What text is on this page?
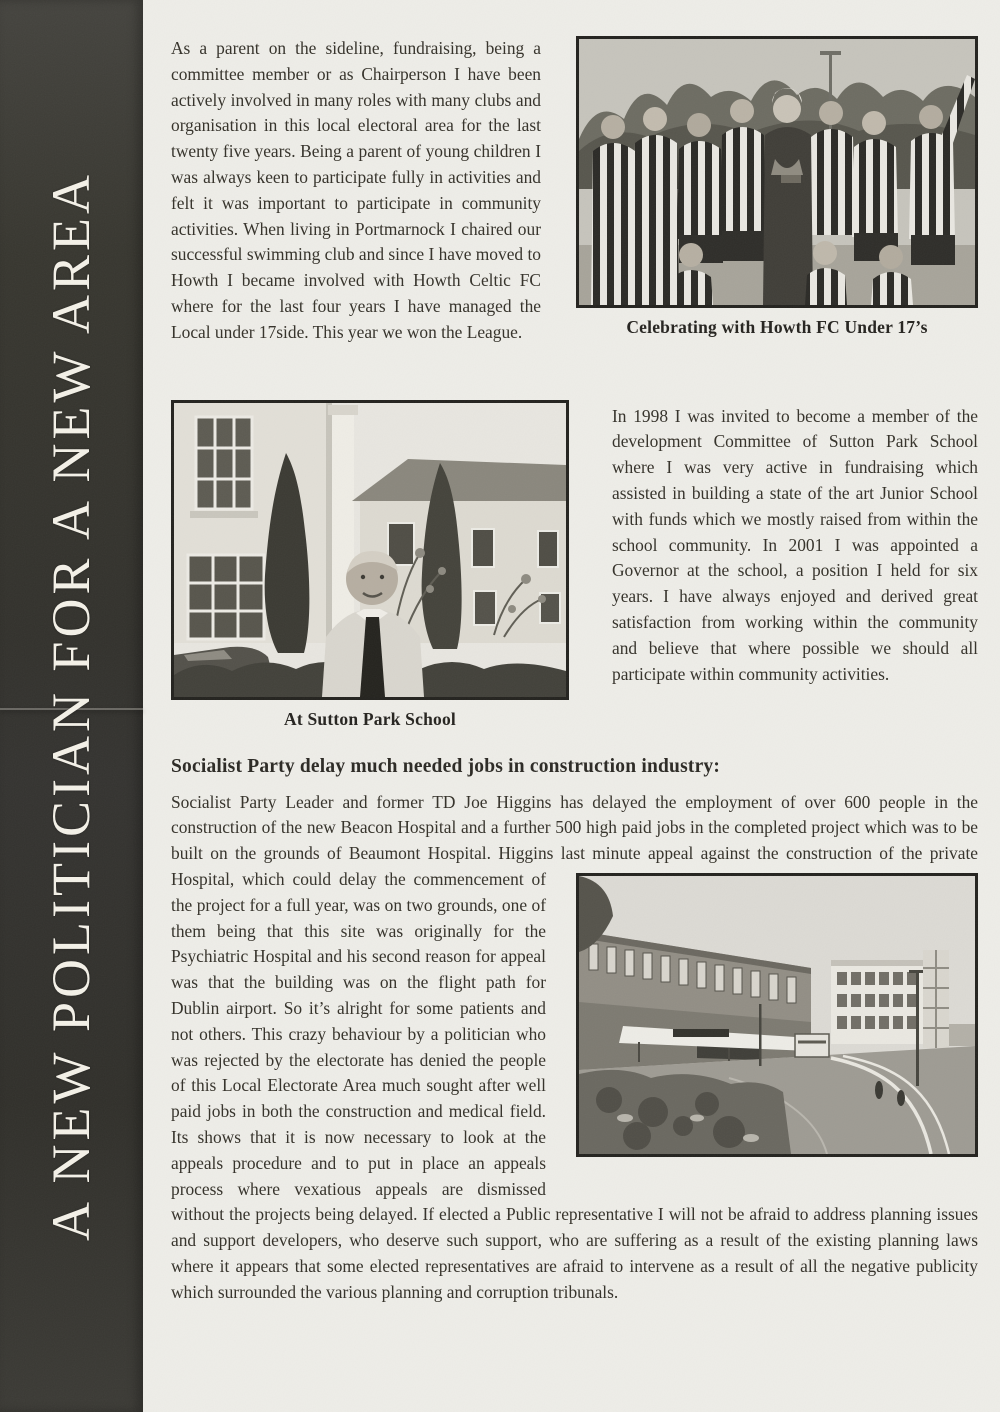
A NEW POLITICIAN FOR A NEW AREA

As a parent on the sideline, fundraising, being a committee member or as Chairperson I have been actively involved in many roles with many clubs and organisation in this local electoral area for the last twenty five years. Being a parent of young children I was always keen to participate fully in activities and felt it was important to participate in community activities. When living in Portmarnock I chaired our successful swimming club and since I have moved to Howth I became involved with Howth Celtic FC where for the last four years I have managed the Local under 17side. This year we won the League.	Celebrating with Howth FC Under 17’s
At Sutton Park School

In 1998 I was invited to become a member of the development Committee of Sutton Park School where I was very active in fundraising which assisted in building a state of the art Junior School with funds which we mostly raised from within the school community. In 2001 I was appointed a Governor at the school, a position I held for six years. I have always enjoyed and derived great satisfaction from working within the community and believe that where possible we should all participate within community activities.

Socialist Party delay much needed jobs in construction industry:

Socialist Party Leader and former TD Joe Higgins has delayed the employment of over 600 people in the construction of the new Beacon Hospital and a further 500 high paid jobs in the completed project which was to be built on the grounds of Beaumont Hospital. Higgins last minute appeal against the construction of the private Hospital, which could delay the commencement of the project for a full year, was on two grounds, one of them being that this site was originally for the Psychiatric Hospital and his second reason for appeal was that the building was on the flight path for Dublin airport. So it’s alright for some patients and not others. This crazy behaviour by a politician who was rejected by the electorate has denied the people of this Local Electorate Area much sought after well paid jobs in both the construction and medical field. Its shows that it is now necessary to look at the appeals procedure and to put in place an appeals process where vexatious appeals are dismissed without the projects being delayed. If elected a Public representative I will not be afraid to address planning issues and support developers, who deserve such support, who are suffering as a result of the existing planning laws where it appears that some elected representatives are afraid to intervene as a result of all the negative publicity which surrounded the various planning and corruption tribunals.
